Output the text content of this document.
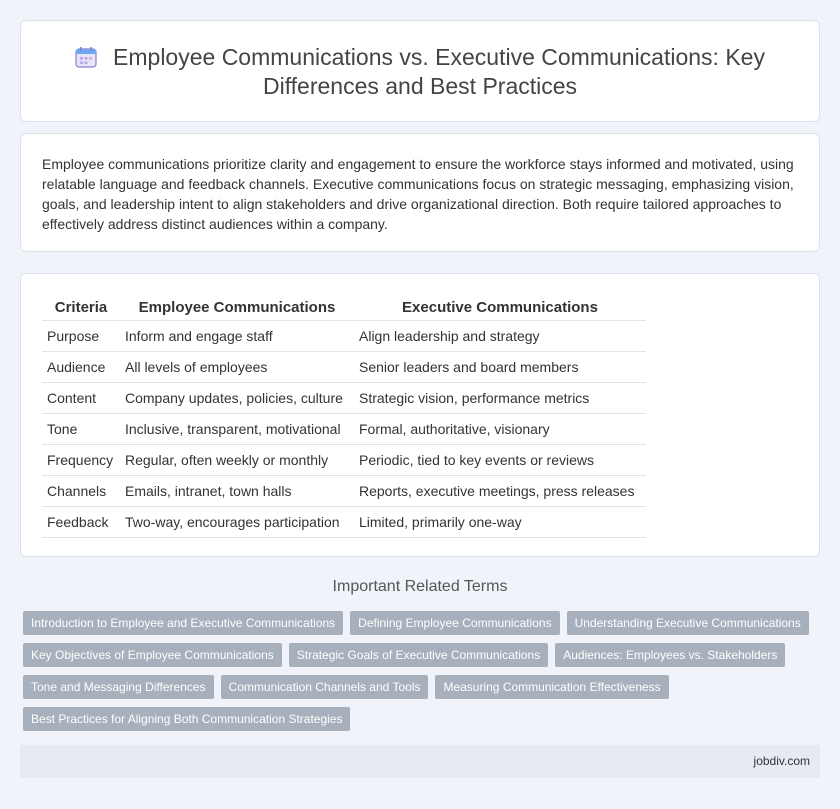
Employee Communications vs. Executive Communications: Key Differences and Best Practices

Employee communications prioritize clarity and engagement to ensure the workforce stays informed and motivated, using relatable language and feedback channels. Executive communications focus on strategic messaging, emphasizing vision, goals, and leadership intent to align stakeholders and drive organizational direction. Both require tailored approaches to effectively address distinct audiences within a company.

Criteria	Employee Communications	Executive Communications
Purpose	Inform and engage staff	Align leadership and strategy
Audience	All levels of employees	Senior leaders and board members
Content	Company updates, policies, culture	Strategic vision, performance metrics
Tone	Inclusive, transparent, motivational	Formal, authoritative, visionary
Frequency	Regular, often weekly or monthly	Periodic, tied to key events or reviews
Channels	Emails, intranet, town halls	Reports, executive meetings, press releases
Feedback	Two-way, encourages participation	Limited, primarily one-way
Important Related Terms
Introduction to Employee and Executive Communications	Defining Employee Communications	Understanding Executive Communications
Key Objectives of Employee Communications	Strategic Goals of Executive Communications	Audiences: Employees vs. Stakeholders
Tone and Messaging Differences	Communication Channels and Tools	Measuring Communication Effectiveness
Best Practices for Aligning Both Communication Strategies
jobdiv.com
